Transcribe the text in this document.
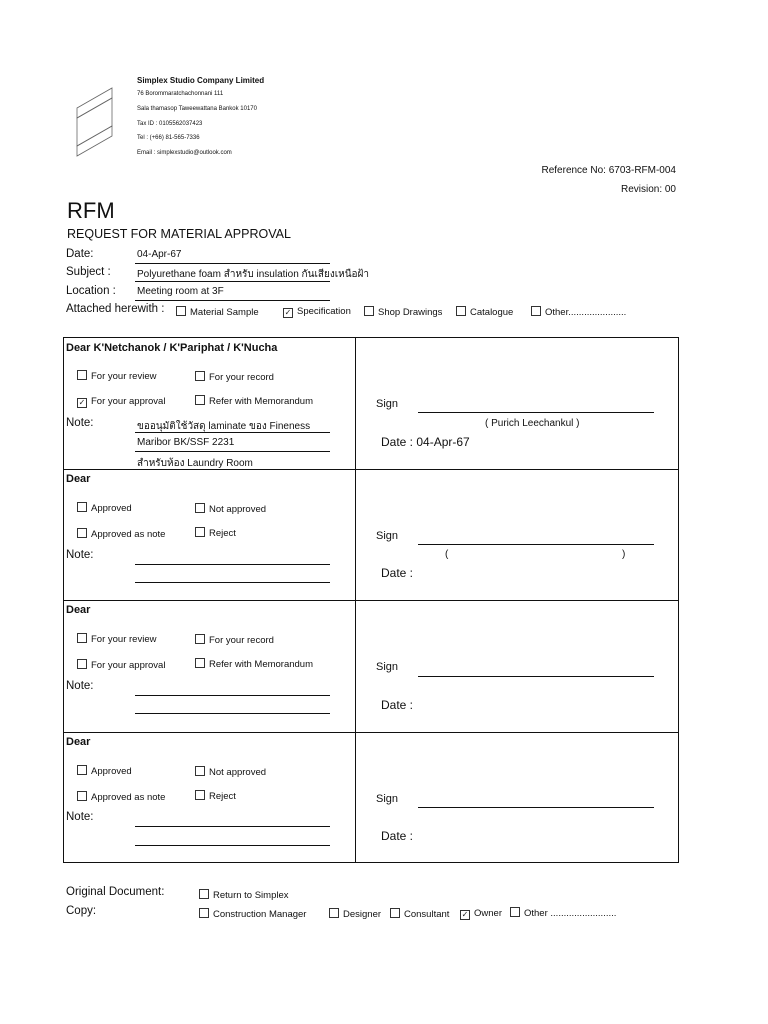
Simplex Studio Company Limited
76 Borommaratchachonnani 111
Sala thamasop Taweewattana Bankok 10170
Tax ID : 0105562037423
Tel : (+66) 81-565-7336
Email : simplexstudio@outlook.com
Reference No: 6703-RFM-004
Revision: 00
RFM
REQUEST FOR MATERIAL APPROVAL
Date:	04-Apr-67
Subject :	Polyurethane foam สำหรับ insulation กันเสียงเหนือฝ้า
Location : Meeting room at 3F
Attached herewith :	Material Sample	✓ Specification	Shop Drawings	Catalogue	Other......................
Dear K'Netchanok / K'Pariphat / K'Nucha
For your review	For your record
✓ For your approval	Refer with Memorandum
Note:	ขออนุมัติใช้วัสดุ laminate ของ Fineness
Maribor BK/SSF 2231
สำหรับห้อง Laundry Room
Sign
( Purich Leechankul )
Date : 04-Apr-67
Dear
Approved	Not approved
Approved as note	Reject
Note:
Sign
(	)
Date :
Dear
For your review	For your record
For your approval	Refer with Memorandum
Note:
Sign
Date :
Dear
Approved	Not approved
Approved as note	Reject
Note:
Sign
Date :
Original Document:	Return to Simplex
Copy:	Construction Manager	Designer	Consultant ✓ Owner	Other .........................
